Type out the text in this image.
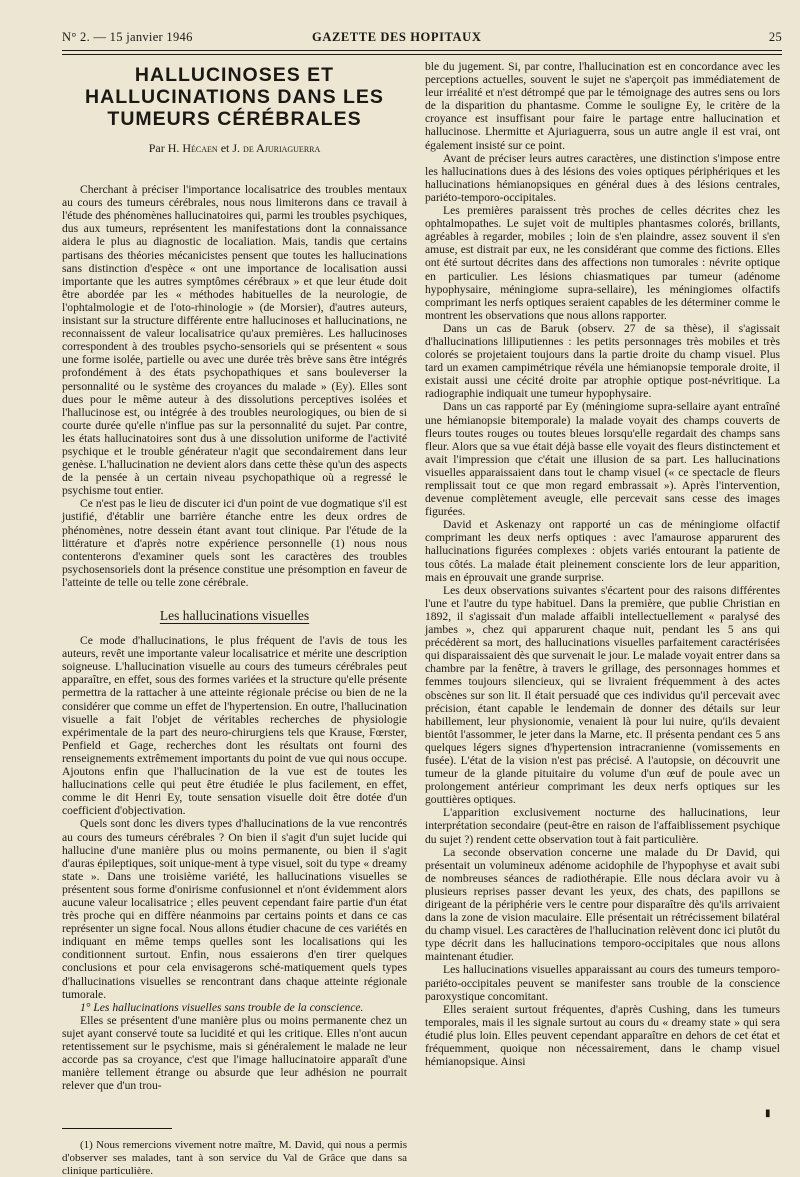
N° 2. — 15 janvier 1946	GAZETTE DES HOPITAUX	25
HALLUCINOSES ET HALLUCINATIONS DANS LES TUMEURS CÉRÉBRALES
Par H. Hécaen et J. de Ajuriaguerra

Cherchant à préciser l'importance localisatrice des troubles mentaux au cours des tumeurs cérébrales, nous nous limiterons dans ce travail à l'étude des phénomènes hallucinatoires qui, parmi les troubles psychiques, dus aux tumeurs, représentent les manifestations dont la connaissance aidera le plus au diagnostic de localiation. Mais, tandis que certains partisans des théories mécanicistes pensent que toutes les hallucinations sans distinction d'espèce « ont une importance de localisation aussi importante que les autres symptômes cérébraux » et que leur étude doit être abordée par les « méthodes habituelles de la neurologie, de l'ophtalmologie et de l'oto-rhinologie » (de Morsier), d'autres auteurs, insistant sur la structure différente entre hallucinoses et hallucinations, ne reconnaissent de valeur localisatrice qu'aux premières. Les hallucinoses correspondent à des troubles psycho-sensoriels qui se présentent « sous une forme isolée, partielle ou avec une durée très brève sans être intégrés profondément à des états psychopathiques et sans bouleverser la personnalité ou le système des croyances du malade » (Ey). Elles sont dues pour le même auteur à des dissolutions perceptives isolées et l'hallucinose est, ou intégrée à des troubles neurologiques, ou bien de si courte durée qu'elle n'influe pas sur la personnalité du sujet. Par contre, les états hallucinatoires sont dus à une dissolution uniforme de l'activité psychique et le trouble générateur n'agit que secondairement dans leur genèse. L'hallucination ne devient alors dans cette thèse qu'un des aspects de la pensée à un certain niveau psychopathique où a regressé le psychisme tout entier.

Ce n'est pas le lieu de discuter ici d'un point de vue dogmatique s'il est justifié, d'établir une barrière étanche entre les deux ordres de phénomènes, notre dessein étant avant tout clinique. Par l'étude de la littérature et d'après notre expérience personnelle (1) nous nous contenterons d'examiner quels sont les caractères des troubles psychosensoriels dont la présence constitue une présomption en faveur de l'atteinte de telle ou telle zone cérébrale.

Les hallucinations visuelles

Ce mode d'hallucinations, le plus fréquent de l'avis de tous les auteurs, revêt une importante valeur localisatrice et mérite une description soigneuse. L'hallucination visuelle au cours des tumeurs cérébrales peut apparaître, en effet, sous des formes variées et la structure qu'elle présente permettra de la rattacher à une atteinte régionale précise ou bien de ne la considérer que comme un effet de l'hypertension. En outre, l'hallucination visuelle a fait l'objet de véritables recherches de physiologie expérimentale de la part des neuro-chirurgiens tels que Krause, Fœrster, Penfield et Gage, recherches dont les résultats ont fourni des renseignements extrêmement importants du point de vue qui nous occupe. Ajoutons enfin que l'hallucination de la vue est de toutes les hallucinations celle qui peut être étudiée le plus facilement, en effet, comme le dit Henri Ey, toute sensation visuelle doit être dotée d'un coefficient d'objectivation.

Quels sont donc les divers types d'hallucinations de la vue rencontrés au cours des tumeurs cérébrales ? On bien il s'agit d'un sujet lucide qui hallucine d'une manière plus ou moins permanente, ou bien il s'agit d'auras épileptiques, soit unique-ment à type visuel, soit du type « dreamy state ». Dans une troisième variété, les hallucinations visuelles se présentent sous forme d'onirisme confusionnel et n'ont évidemment alors aucune valeur localisatrice ; elles peuvent cependant faire partie d'un état très proche qui en diffère néanmoins par certains points et dans ce cas représenter un signe focal. Nous allons étudier chacune de ces variétés en indiquant en même temps quelles sont les localisations qui les conditionnent surtout. Enfin, nous essaierons d'en tirer quelques conclusions et pour cela envisagerons sché-matiquement quels types d'hallucinations visuelles se rencontrant dans chaque atteinte régionale tumorale.

1° Les hallucinations visuelles sans trouble de la conscience.

Elles se présentent d'une manière plus ou moins permanente chez un sujet ayant conservé toute sa lucidité et qui les critique. Elles n'ont aucun retentissement sur le psychisme, mais si généralement le malade ne leur accorde pas sa croyance, c'est que l'image hallucinatoire apparaît d'une manière tellement étrange ou absurde que leur adhésion ne pourrait relever que d'un trou-

(1) Nous remercions vivement notre maître, M. David, qui nous a permis d'observer ses malades, tant à son service du Val de Grâce que dans sa clinique particulière.

ble du jugement. Si, par contre, l'hallucination est en concordance avec les perceptions actuelles, souvent le sujet ne s'aperçoit pas immédiatement de leur irréalité et n'est détrompé que par le témoignage des autres sens ou lors de la disparition du phantasme. Comme le souligne Ey, le critère de la croyance est insuffisant pour faire le partage entre hallucination et hallucinose. Lhermitte et Ajuriaguerra, sous un autre angle il est vrai, ont également insisté sur ce point.

Avant de préciser leurs autres caractères, une distinction s'impose entre les hallucinations dues à des lésions des voies optiques périphériques et les hallucinations hémianopsiques en général dues à des lésions centrales, pariéto-temporo-occipitales.

Les premières paraissent très proches de celles décrites chez les ophtalmopathes. Le sujet voit de multiples phantasmes colorés, brillants, agréables à regarder, mobiles ; loin de s'en plaindre, assez souvent il s'en amuse, est distrait par eux, ne les considérant que comme des fictions. Elles ont été surtout décrites dans des affections non tumorales : névrite optique en particulier. Les lésions chiasmatiques par tumeur (adénome hypophysaire, méningiome supra-sellaire), les méningiomes olfactifs comprimant les nerfs optiques seraient capables de les déterminer comme le montrent les observations que nous allons rapporter.

Dans un cas de Baruk (observ. 27 de sa thèse), il s'agissait d'hallucinations lilliputiennes : les petits personnages très mobiles et très colorés se projetaient toujours dans la partie droite du champ visuel. Plus tard un examen campimétrique révéla une hémianopsie temporale droite, il existait aussi une cécité droite par atrophie optique post-névritique. La radiographie indiquait une tumeur hypophysaire.

Dans un cas rapporté par Ey (méningiome supra-sellaire ayant entraîné une hémianopsie bitemporale) la malade voyait des champs couverts de fleurs toutes rouges ou toutes bleues lorsqu'elle regardait des champs sans fleur. Alors que sa vue était déjà basse elle voyait des fleurs distinctement et avait l'impression que c'était une illusion de sa part. Les hallucinations visuelles apparaissaient dans tout le champ visuel (« ce spectacle de fleurs remplissait tout ce que mon regard embrassait »). Après l'intervention, devenue complètement aveugle, elle percevait sans cesse des images figurées.

David et Askenazy ont rapporté un cas de méningiome olfactif comprimant les deux nerfs optiques : avec l'amaurose apparurent des hallucinations figurées complexes : objets variés entourant la patiente de tous côtés. La malade était pleinement consciente lors de leur apparition, mais en éprouvait une grande surprise.

Les deux observations suivantes s'écartent pour des raisons différentes l'une et l'autre du type habituel. Dans la première, que publie Christian en 1892, il s'agissait d'un malade affaibli intellectuellement « paralysé des jambes », chez qui apparurent chaque nuit, pendant les 5 ans qui précédèrent sa mort, des hallucinations visuelles parfaitement caractérisées qui disparaissaient dès que survenait le jour. Le malade voyait entrer dans sa chambre par la fenêtre, à travers le grillage, des personnages hommes et femmes toujours silencieux, qui se livraient fréquemment à des actes obscènes sur son lit. Il était persuadé que ces individus qu'il percevait avec précision, étant capable le lendemain de donner des détails sur leur habillement, leur physionomie, venaient là pour lui nuire, qu'ils devaient bientôt l'assommer, le jeter dans la Marne, etc. Il présenta pendant ces 5 ans quelques légers signes d'hypertension intracranienne (vomissements en fusée). L'état de la vision n'est pas précisé. A l'autopsie, on découvrit une tumeur de la glande pituitaire du volume d'un œuf de poule avec un prolongement antérieur comprimant les deux nerfs optiques sur les gouttières optiques.

L'apparition exclusivement nocturne des hallucinations, leur interprétation secondaire (peut-être en raison de l'affaiblissement psychique du sujet ?) rendent cette observation tout à fait particulière.

La seconde observation concerne une malade du Dr David, qui présentait un volumineux adénome acidophile de l'hypophyse et avait subi de nombreuses séances de radiothérapie. Elle nous déclara avoir vu à plusieurs reprises passer devant les yeux, des chats, des papillons se dirigeant de la périphérie vers le centre pour disparaître dès qu'ils arrivaient dans la zone de vision maculaire. Elle présentait un rétrécissement bilatéral du champ visuel. Les caractères de l'hallucination relèvent donc ici plutôt du type décrit dans les hallucinations temporo-occipitales que nous allons maintenant étudier.

Les hallucinations visuelles apparaissant au cours des tumeurs temporo-pariéto-occipitales peuvent se manifester sans trouble de la conscience paroxystique concomitant.

Elles seraient surtout fréquentes, d'après Cushing, dans les tumeurs temporales, mais il les signale surtout au cours du « dreamy state » qui sera étudié plus loin. Elles peuvent cependant apparaître en dehors de cet état et fréquemment, quoique non nécessairement, dans le champ visuel hémianopsique. Ainsi

▮
